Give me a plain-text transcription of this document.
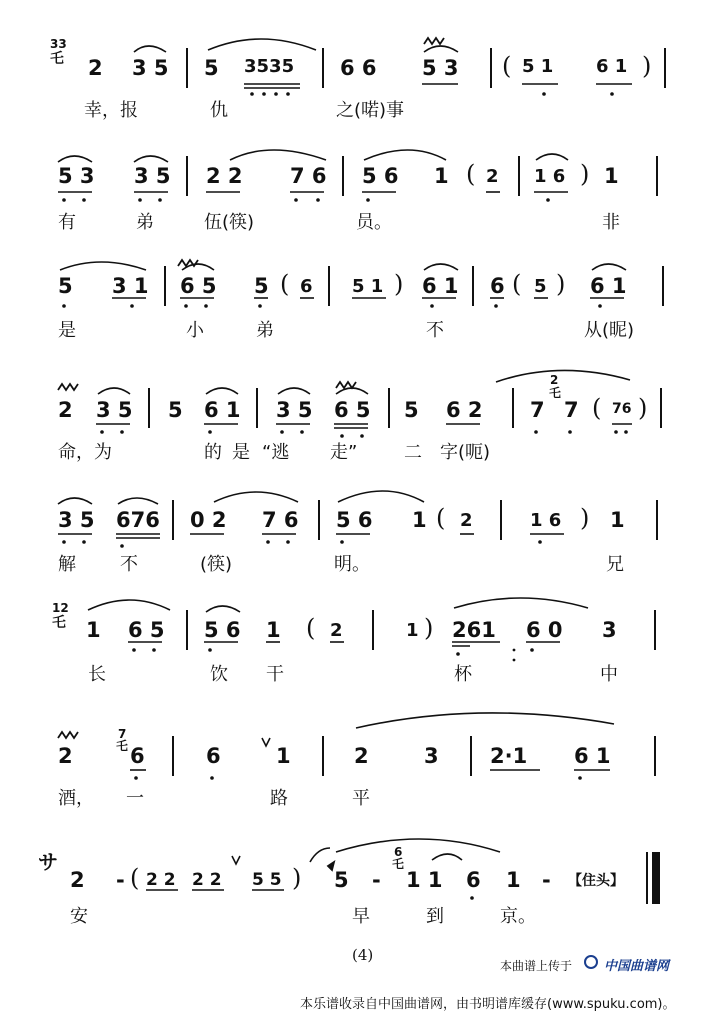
33
乇 2 3 5 5 3535 6 6 5 3 ( 5 1 6 1 )
幸，报	仇	之(喏)事
5 3 3 5 2 2 7 6 5 6 1 ( 2 1 6 ) 1
有	弟	伍(筷)	员。	非
5 3 1 6 5 5 ( 6 5 1 ) 6 1 6 ( 5 ) 6 1
是	小	弟	不	从(昵)
2 3 5 5 6 1 3 5 6 5 5 6 2 7
2
乇
7 ( 76 )
命，为	的 是 “逃 走”	二 字(呃)
3 5 676 0 2 7 6 5 6 1 ( 2	1 6 ) 1
解 不	(筷)	明。	兄
12
乇 1 6 5 5 6 1 ( 2	1 ) 261 6 0 3
长	饮 干	杯	中
2
7
乇 6	6	1	2	3 2·1 6 1
酒， 一	路	平
サ
2 - ( 2 2 2 2 5 5 ) 5 -
6
乇
1 1 6 1 - 【住头】
安	早	到	京。
(4)
本曲谱上传于 中国曲谱网
本乐谱收录自中国曲谱网，由书明谱库缓存(www.spuku.com)。
